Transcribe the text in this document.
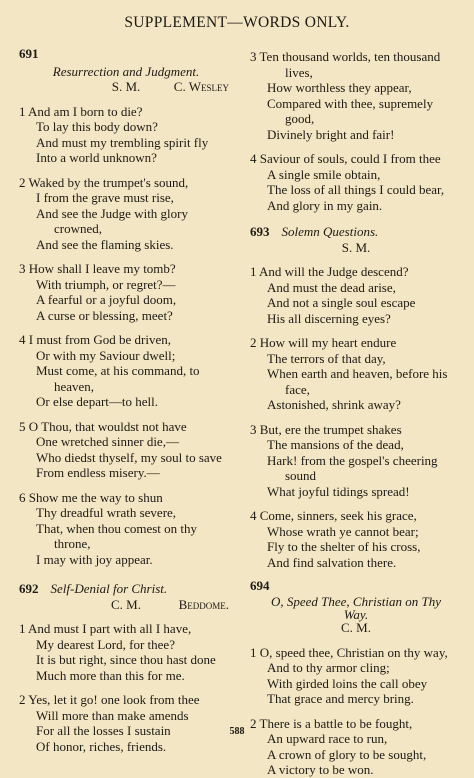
SUPPLEMENT—WORDS ONLY.
691
Resurrection and Judgment.
S. M.	C. Wesley
1 And am I born to die?
To lay this body down?
And must my trembling spirit fly
Into a world unknown?
2 Waked by the trumpet's sound,
I from the grave must rise,
And see the Judge with glory
crowned,
And see the flaming skies.
3 How shall I leave my tomb?
With triumph, or regret?—
A fearful or a joyful doom,
A curse or blessing, meet?
4 I must from God be driven,
Or with my Saviour dwell;
Must come, at his command, to
heaven,
Or else depart—to hell.
5 O Thou, that wouldst not have
One wretched sinner die,—
Who diedst thyself, my soul to save
From endless misery.—
6 Show me the way to shun
Thy dreadful wrath severe,
That, when thou comest on thy
throne,
I may with joy appear.
692 Self-Denial for Christ.
C. M.	Beddome.
1 And must I part with all I have,
My dearest Lord, for thee?
It is but right, since thou hast done
Much more than this for me.
2 Yes, let it go! one look from thee
Will more than make amends
For all the losses I sustain
Of honor, riches, friends.
3 Ten thousand worlds, ten thousand
lives,
How worthless they appear,
Compared with thee, supremely
good,
Divinely bright and fair!
4 Saviour of souls, could I from thee
A single smile obtain,
The loss of all things I could bear,
And glory in my gain.
693 Solemn Questions.
S. M.
1 And will the Judge descend?
And must the dead arise,
And not a single soul escape
His all discerning eyes?
2 How will my heart endure
The terrors of that day,
When earth and heaven, before his
face,
Astonished, shrink away?
3 But, ere the trumpet shakes
The mansions of the dead,
Hark! from the gospel's cheering
sound
What joyful tidings spread!
4 Come, sinners, seek his grace,
Whose wrath ye cannot bear;
Fly to the shelter of his cross,
And find salvation there.
694
O, Speed Thee, Christian on Thy
Way.
C. M.
1 O, speed thee, Christian on thy way,
And to thy armor cling;
With girded loins the call obey
That grace and mercy bring.
2 There is a battle to be fought,
An upward race to run,
A crown of glory to be sought,
A victory to be won.
588
